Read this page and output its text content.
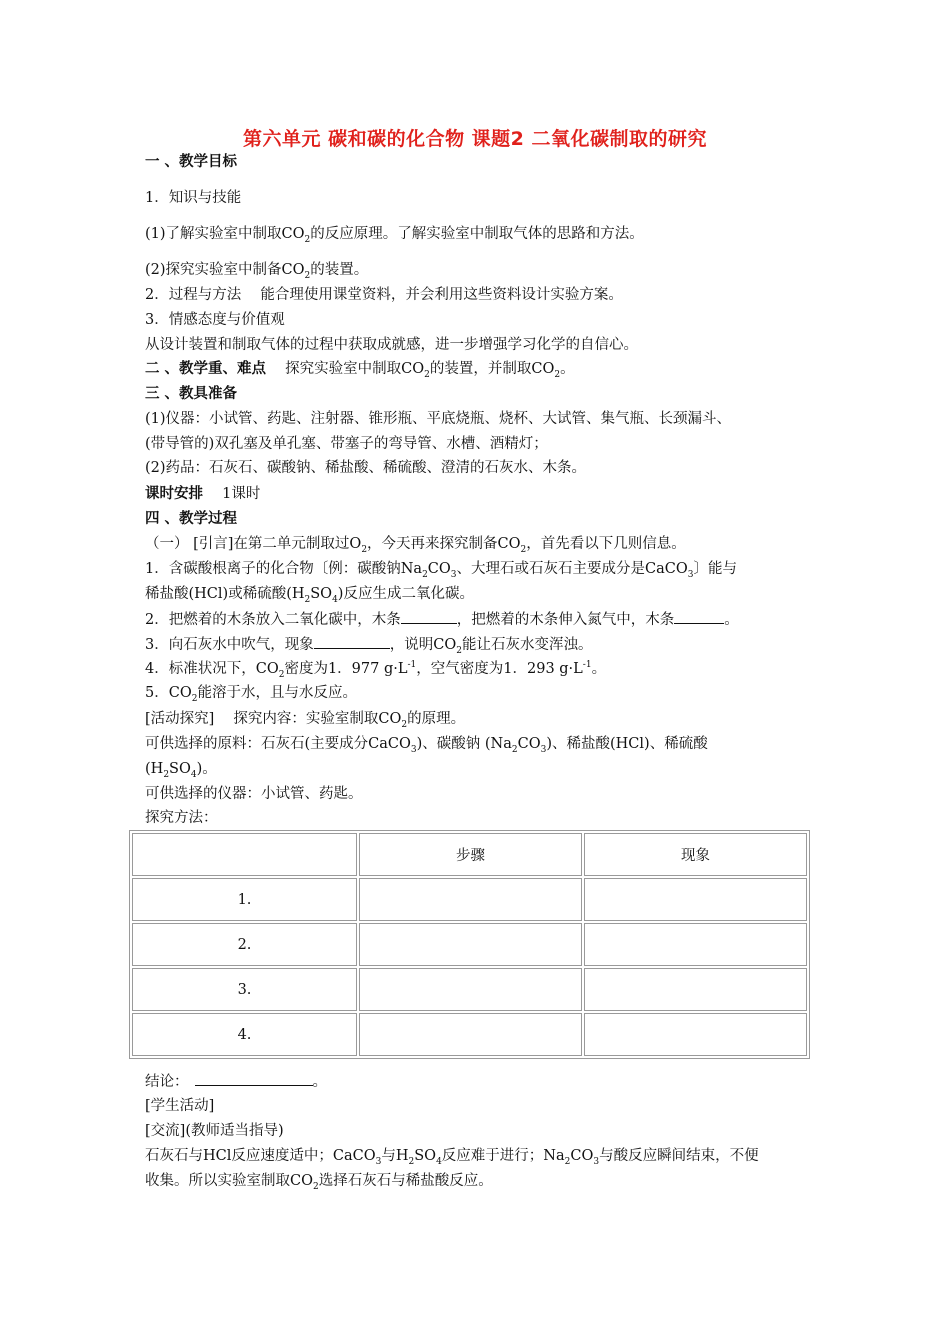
第六单元 碳和碳的化合物 课题2 二氧化碳制取的研究
一 、教学目标
1．知识与技能
(1)了解实验室中制取$CO_2$的反应原理。了解实验室中制取气体的思路和方法。
(2)探究实验室中制备$CO_2$的装置。
2．过程与方法　 能合理使用课堂资料，并会利用这些资料设计实验方案。
3．情感态度与价值观
从设计装置和制取气体的过程中获取成就感，进一步增强学习化学的自信心。
二 、教学重、难点　 探究实验室中制取$CO_2$的装置，并制取$CO_2$。
三 、教具准备
(1)仪器：小试管、药匙、注射器、锥形瓶、平底烧瓶、烧杯、大试管、集气瓶、长颈漏斗、
(带导管的)双孔塞及单孔塞、带塞子的弯导管、水槽、酒精灯；
(2)药品：石灰石、碳酸钠、稀盐酸、稀硫酸、澄清的石灰水、木条。
课时安排　 1课时
四 、教学过程
（一） [引言]在第二单元制取过$O_2$，今天再来探究制备$CO_2$，首先看以下几则信息。
1．含碳酸根离子的化合物〔例：碳酸钠$Na_2CO_3$、大理石或石灰石主要成分是CaCO$_3$〕能与
稀盐酸(HCl)或稀硫酸$(H_2SO_4)$反应生成二氧化碳。
2．把燃着的木条放入二氧化碳中，木条	，把燃着的木条伸入氮气中，木条	。
3．向石灰水中吹气，现象	，说明$CO_2$能让石灰水变浑浊。
4．标准状况下，$CO_2$密度为1．977 $g\cdot L^{-1}$，空气密度为1．293 $g\cdot L^{-1}$。
5．$CO_2$能溶于水，且与水反应。
[活动探究]　 探究内容：实验室制取$CO_2$的原理。
可供选择的原料：石灰石(主要成分CaCO$_3$)、碳酸钠 $(Na_2CO_3)$、稀盐酸(HCl)、稀硫酸
$(H_2SO_4)$。
可供选择的仪器：小试管、药匙。
探究方法：
	步骤	现象
1.		
2.		
3.		
4.		
结论：	。
[学生活动]
[交流](教师适当指导)
石灰石与HCl反应速度适中；CaCO$_3$与$H_2SO_4$反应难于进行；$Na_2CO_3$与酸反应瞬间结束，不便
收集。所以实验室制取$CO_2$选择石灰石与稀盐酸反应。
